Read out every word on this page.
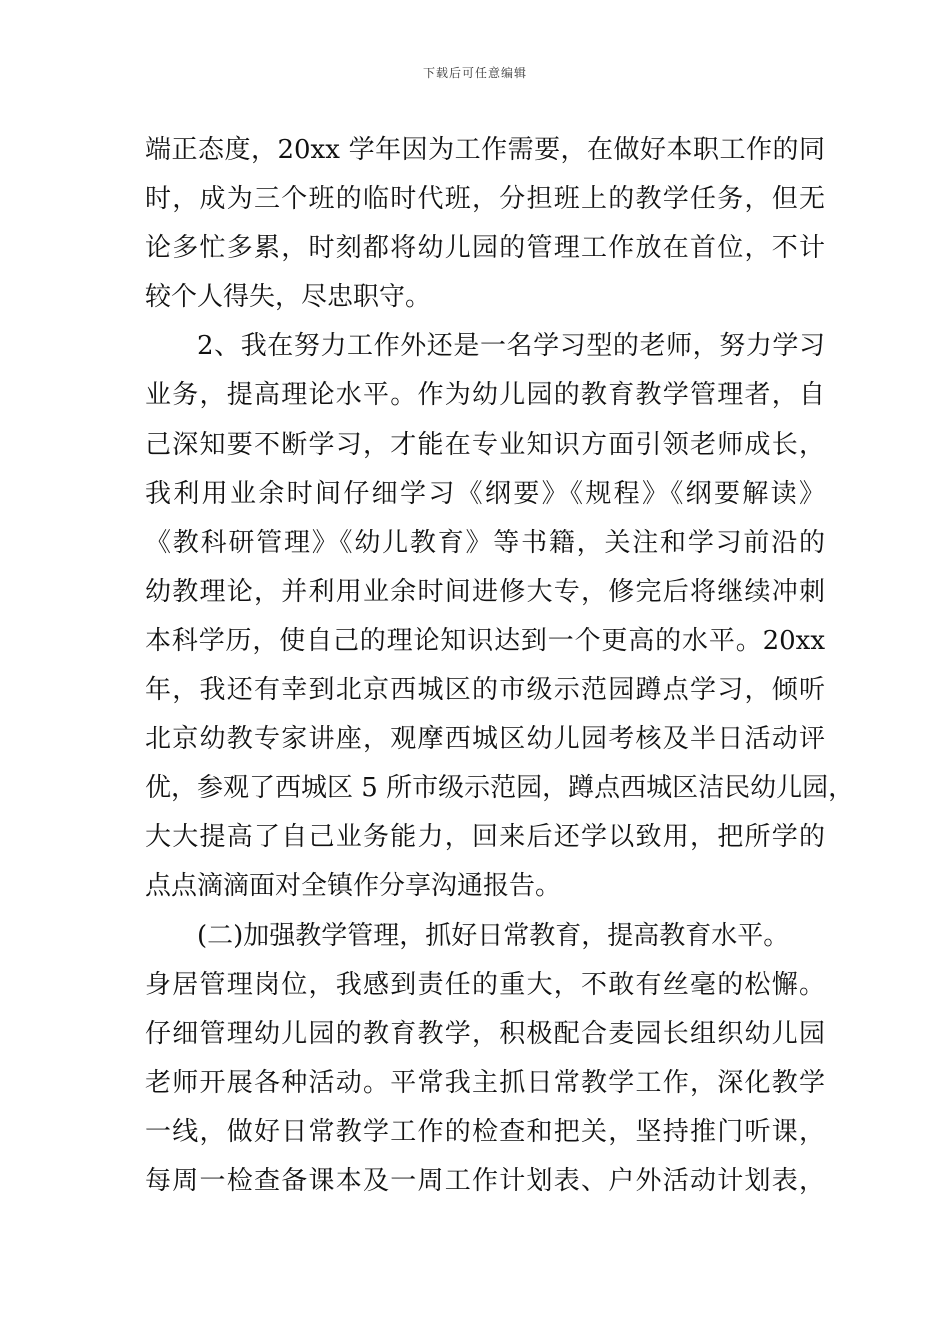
下载后可任意编辑
端正态度，20xx 学年因为工作需要，在做好本职工作的同
时，成为三个班的临时代班，分担班上的教学任务，但无
论多忙多累，时刻都将幼儿园的管理工作放在首位，不计
较个人得失，尽忠职守。
2、我在努力工作外还是一名学习型的老师，努力学习
业务，提高理论水平。作为幼儿园的教育教学管理者，自
己深知要不断学习，才能在专业知识方面引领老师成长，
我利用业余时间仔细学习《纲要》《规程》《纲要解读》
《教科研管理》《幼儿教育》等书籍，关注和学习前沿的
幼教理论，并利用业余时间进修大专，修完后将继续冲刺
本科学历，使自己的理论知识达到一个更高的水平。20xx
年，我还有幸到北京西城区的市级示范园蹲点学习，倾听
北京幼教专家讲座，观摩西城区幼儿园考核及半日活动评
优，参观了西城区 5 所市级示范园，蹲点西城区洁民幼儿园，
大大提高了自己业务能力，回来后还学以致用，把所学的
点点滴滴面对全镇作分享沟通报告。
(二)加强教学管理，抓好日常教育，提高教育水平。
身居管理岗位，我感到责任的重大，不敢有丝毫的松懈。
仔细管理幼儿园的教育教学，积极配合麦园长组织幼儿园
老师开展各种活动。平常我主抓日常教学工作，深化教学
一线，做好日常教学工作的检查和把关，坚持推门听课，
每周一检查备课本及一周工作计划表、户外活动计划表，
